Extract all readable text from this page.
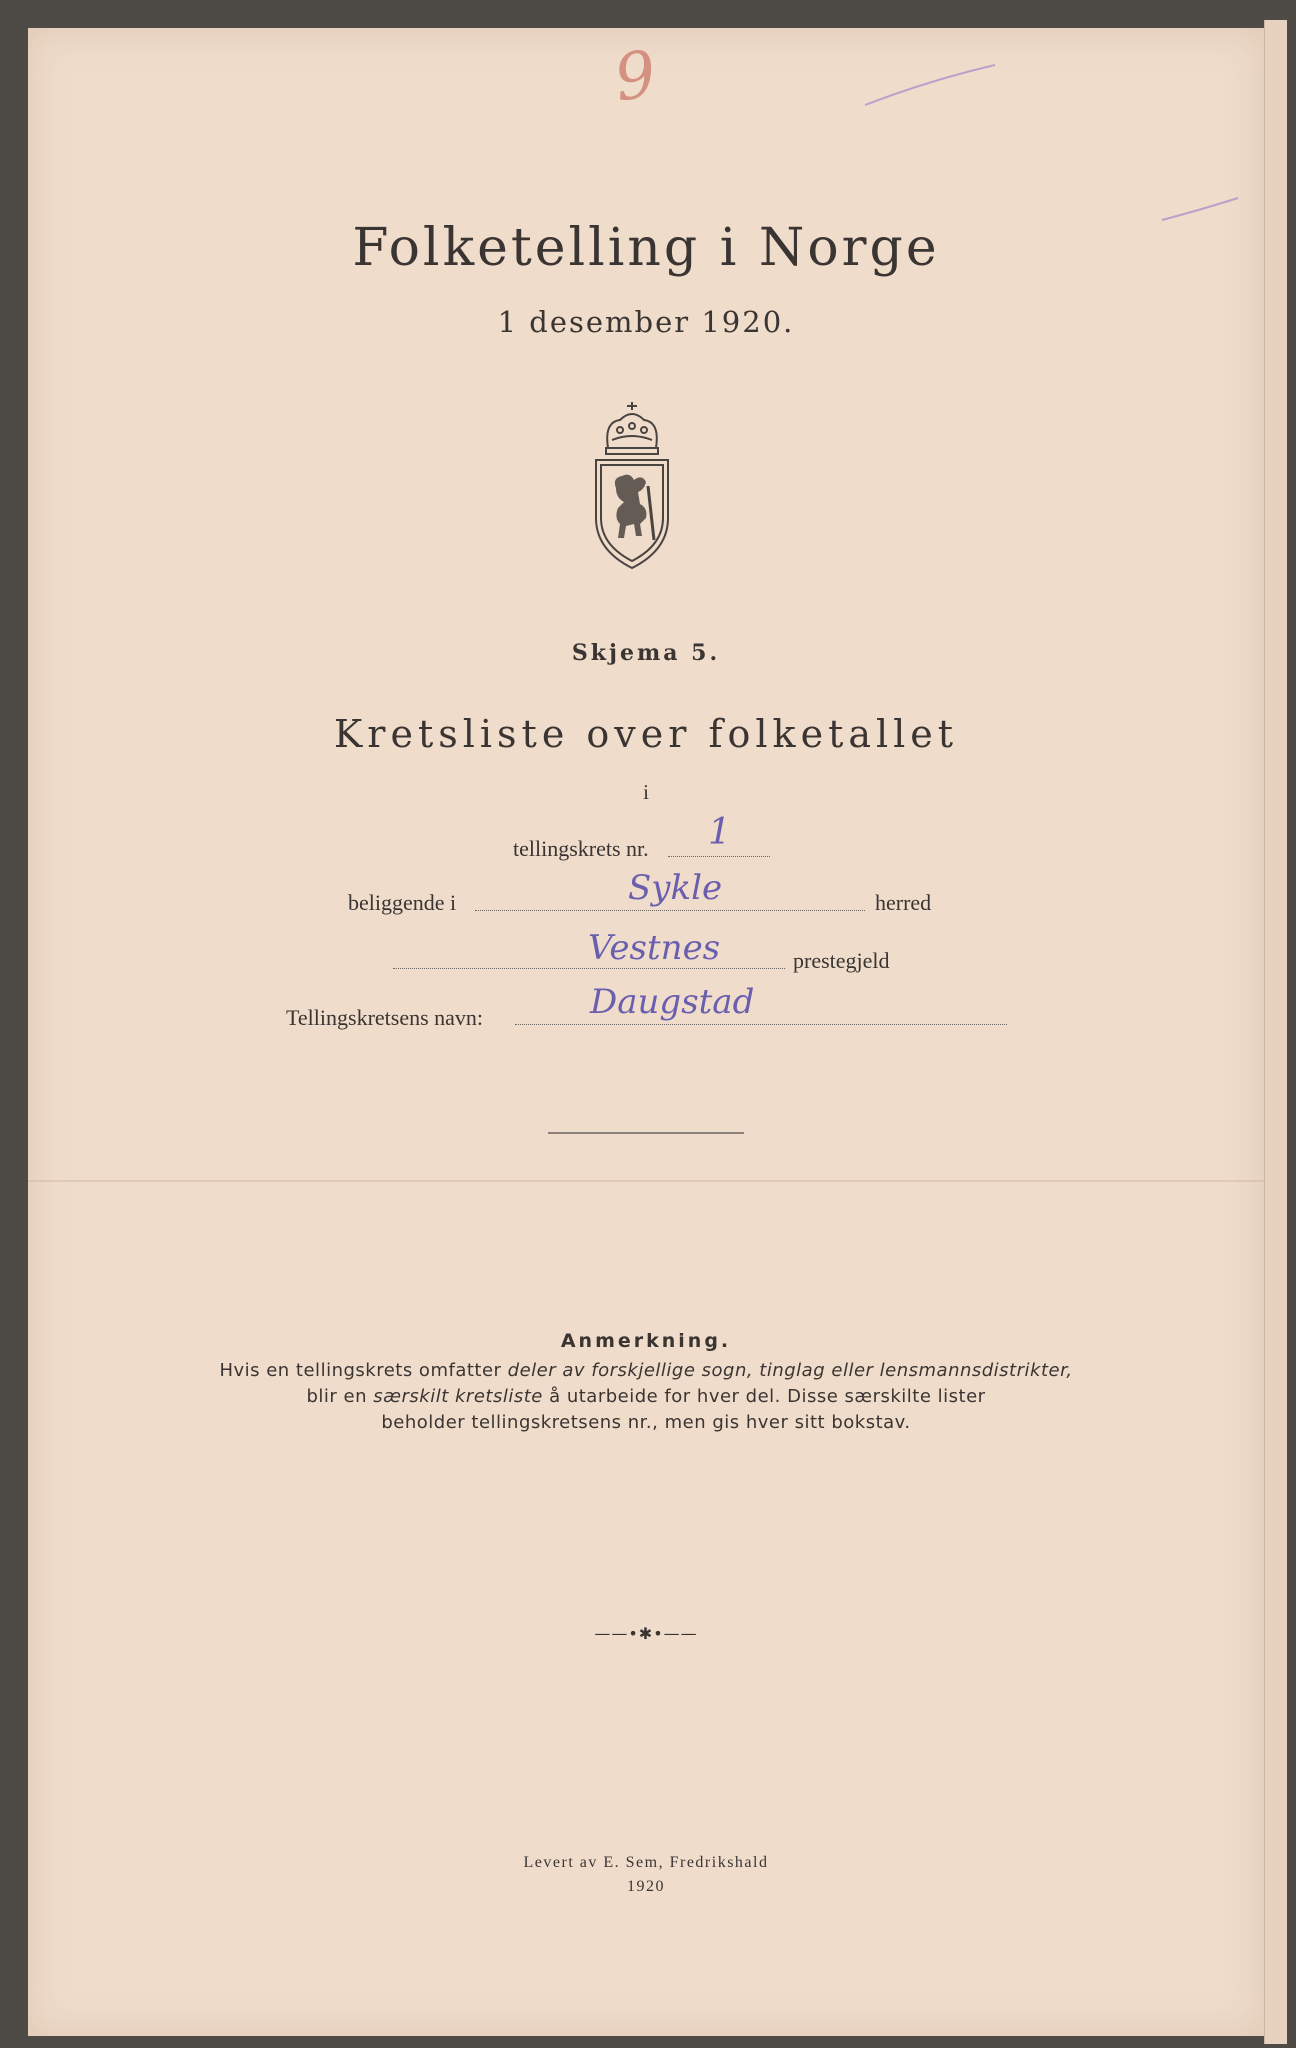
9
Folketelling i Norge
1 desember 1920.
Skjema 5.
Kretsliste over folketallet
i
tellingskrets nr. 1
beliggende i	Sykle	herred
Vestnes	prestegjeld
Tellingskretsens navn:	Daugstad
Anmerkning.
Hvis en tellingskrets omfatter deler av forskjellige sogn, tinglag eller lensmannsdistrikter,
blir en særskilt kretsliste å utarbeide for hver del. Disse særskilte lister
beholder tellingskretsens nr., men gis hver sitt bokstav.
——•✱•——
Levert av E. Sem, Fredrikshald
1920
